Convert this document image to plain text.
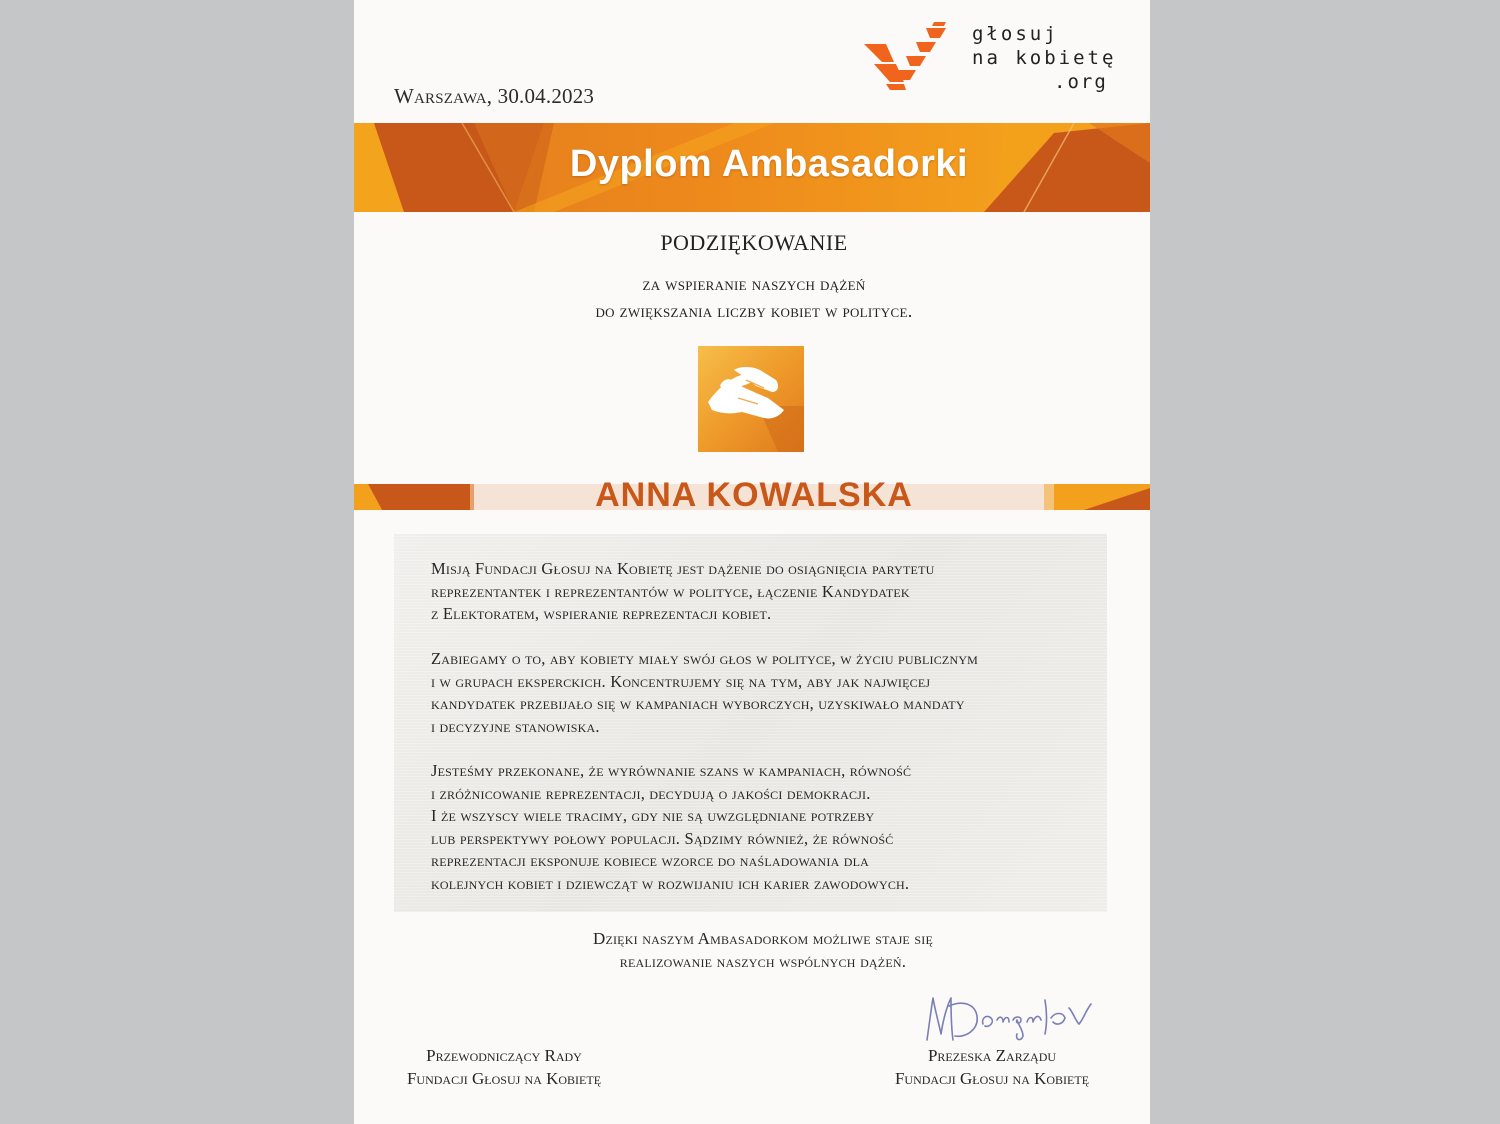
Warszawa, 30.04.2023
głosuj
na kobietę
.org
Dyplom Ambasadorki
PODZIĘKOWANIE
za wspieranie naszych dążeń
do zwiększania liczby kobiet w polityce.
ANNA KOWALSKA

Misją Fundacji Głosuj na Kobietę jest dążenie do osiągnięcia parytetu
reprezentantek i reprezentantów w polityce, łączenie Kandydatek
z Elektoratem, wspieranie reprezentacji kobiet.

Zabiegamy o to, aby kobiety miały swój głos w polityce, w życiu publicznym
i w grupach eksperckich. Koncentrujemy się na tym, aby jak najwięcej
kandydatek przebijało się w kampaniach wyborczych, uzyskiwało mandaty
i decyzyjne stanowiska.

Jesteśmy przekonane, że wyrównanie szans w kampaniach, równość
i zróżnicowanie reprezentacji, decydują o jakości demokracji.
I że wszyscy wiele tracimy, gdy nie są uwzględniane potrzeby
lub perspektywy połowy populacji. Sądzimy również, że równość
reprezentacji eksponuje kobiece wzorce do naśladowania dla
kolejnych kobiet i dziewcząt w rozwijaniu ich karier zawodowych.

Dzięki naszym Ambasadorkom możliwe staje się
realizowanie naszych wspólnych dążeń.
Przewodniczący Rady
Fundacji Głosuj na Kobietę
Prezeska Zarządu
Fundacji Głosuj na Kobietę
